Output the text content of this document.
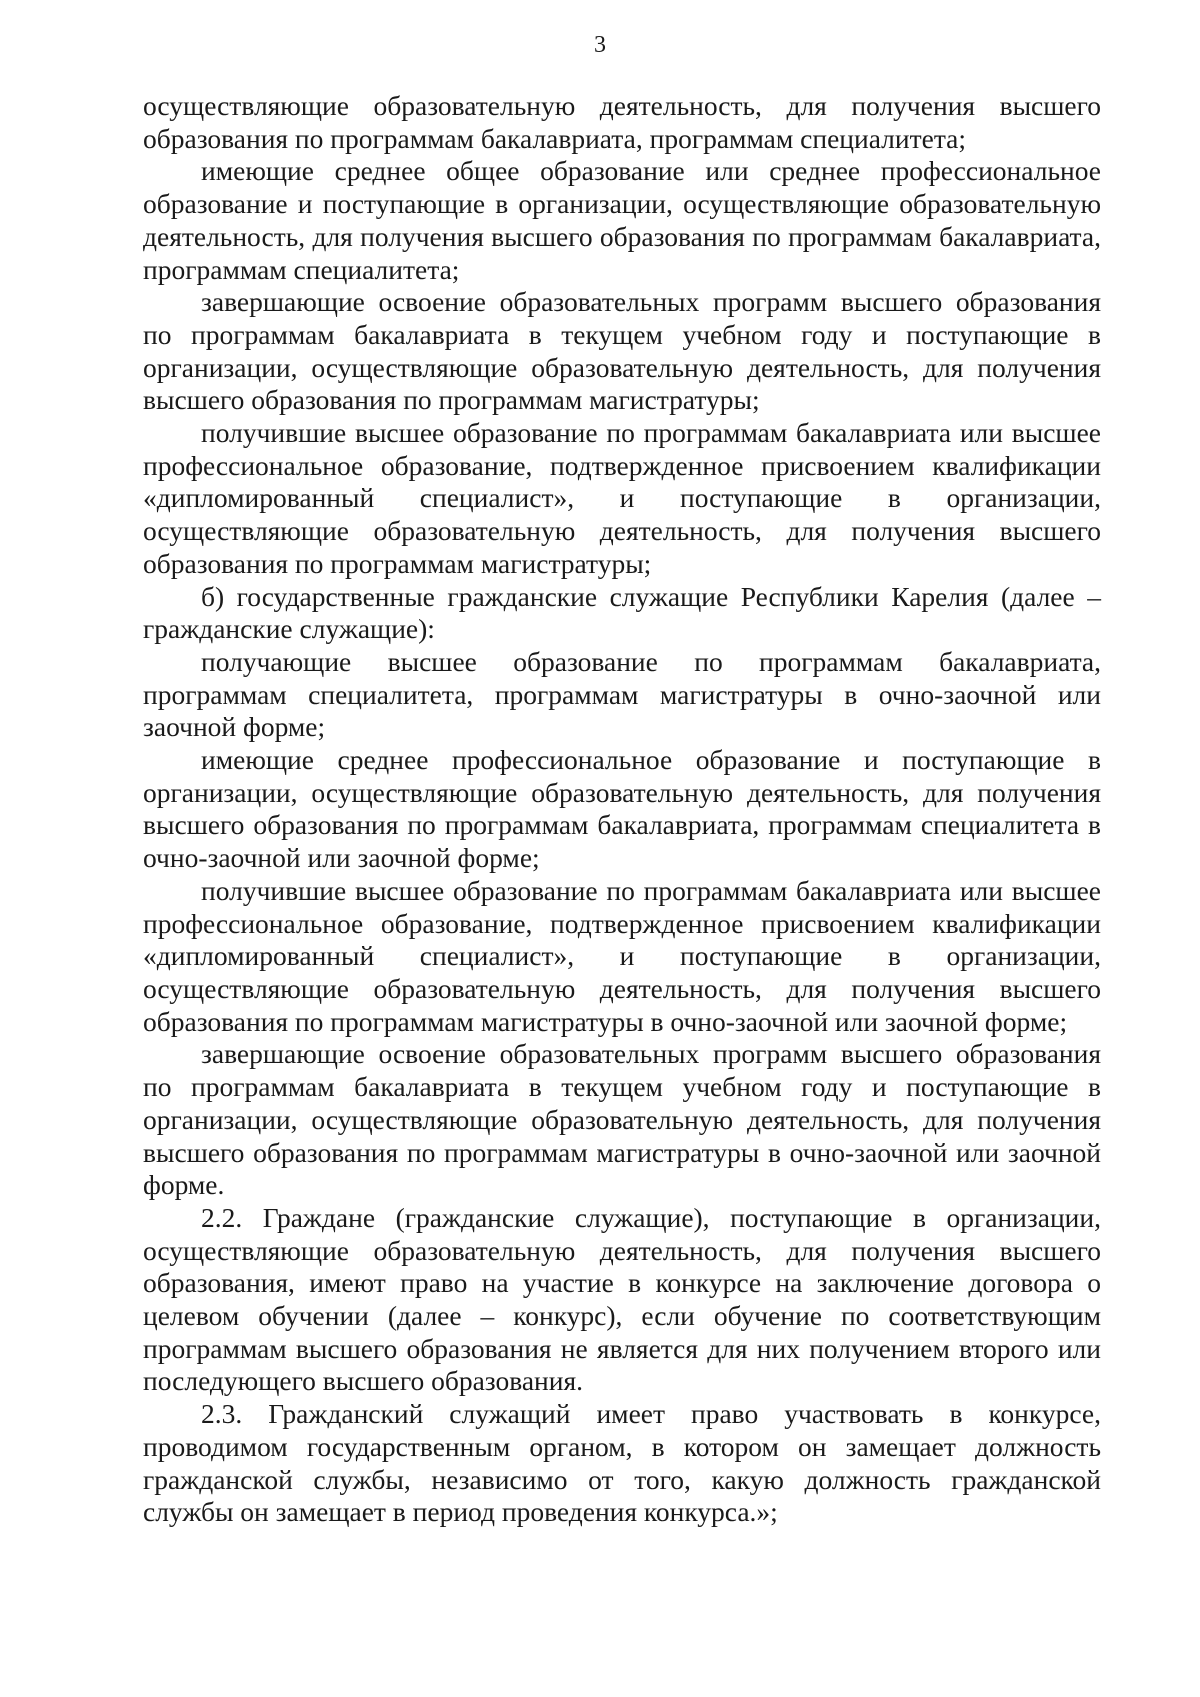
3

осуществляющие образовательную деятельность, для получения высшего образования по программам бакалавриата, программам специалитета;

имеющие среднее общее образование или среднее профессиональное образование и поступающие в организации, осуществляющие образовательную деятельность, для получения высшего образования по программам бакалавриата, программам специалитета;

завершающие освоение образовательных программ высшего образования по программам бакалавриата в текущем учебном году и поступающие в организации, осуществляющие образовательную деятельность, для получения высшего образования по программам магистратуры;

получившие высшее образование по программам бакалавриата или высшее профессиональное образование, подтвержденное присвоением квалификации «дипломированный специалист», и поступающие в организации, осуществляющие образовательную деятельность, для получения высшего образования по программам магистратуры;

б) государственные гражданские служащие Республики Карелия (далее – гражданские служащие):

получающие высшее образование по программам бакалавриата, программам специалитета, программам магистратуры в очно-заочной или заочной форме;

имеющие среднее профессиональное образование и поступающие в организации, осуществляющие образовательную деятельность, для получения высшего образования по программам бакалавриата, программам специалитета в очно-заочной или заочной форме;

получившие высшее образование по программам бакалавриата или высшее профессиональное образование, подтвержденное присвоением квалификации «дипломированный специалист», и поступающие в организации, осуществляющие образовательную деятельность, для получения высшего образования по программам магистратуры в очно-заочной или заочной форме;

завершающие освоение образовательных программ высшего образования по программам бакалавриата в текущем учебном году и поступающие в организации, осуществляющие образовательную деятельность, для получения высшего образования по программам магистратуры в очно-заочной или заочной форме.

2.2. Граждане (гражданские служащие), поступающие в организации, осуществляющие образовательную деятельность, для получения высшего образования, имеют право на участие в конкурсе на заключение договора о целевом обучении (далее – конкурс), если обучение по соответствующим программам высшего образования не является для них получением второго или последующего высшего образования.

2.3. Гражданский служащий имеет право участвовать в конкурсе, проводимом государственным органом, в котором он замещает должность гражданской службы, независимо от того, какую должность гражданской службы он замещает в период проведения конкурса.»;
